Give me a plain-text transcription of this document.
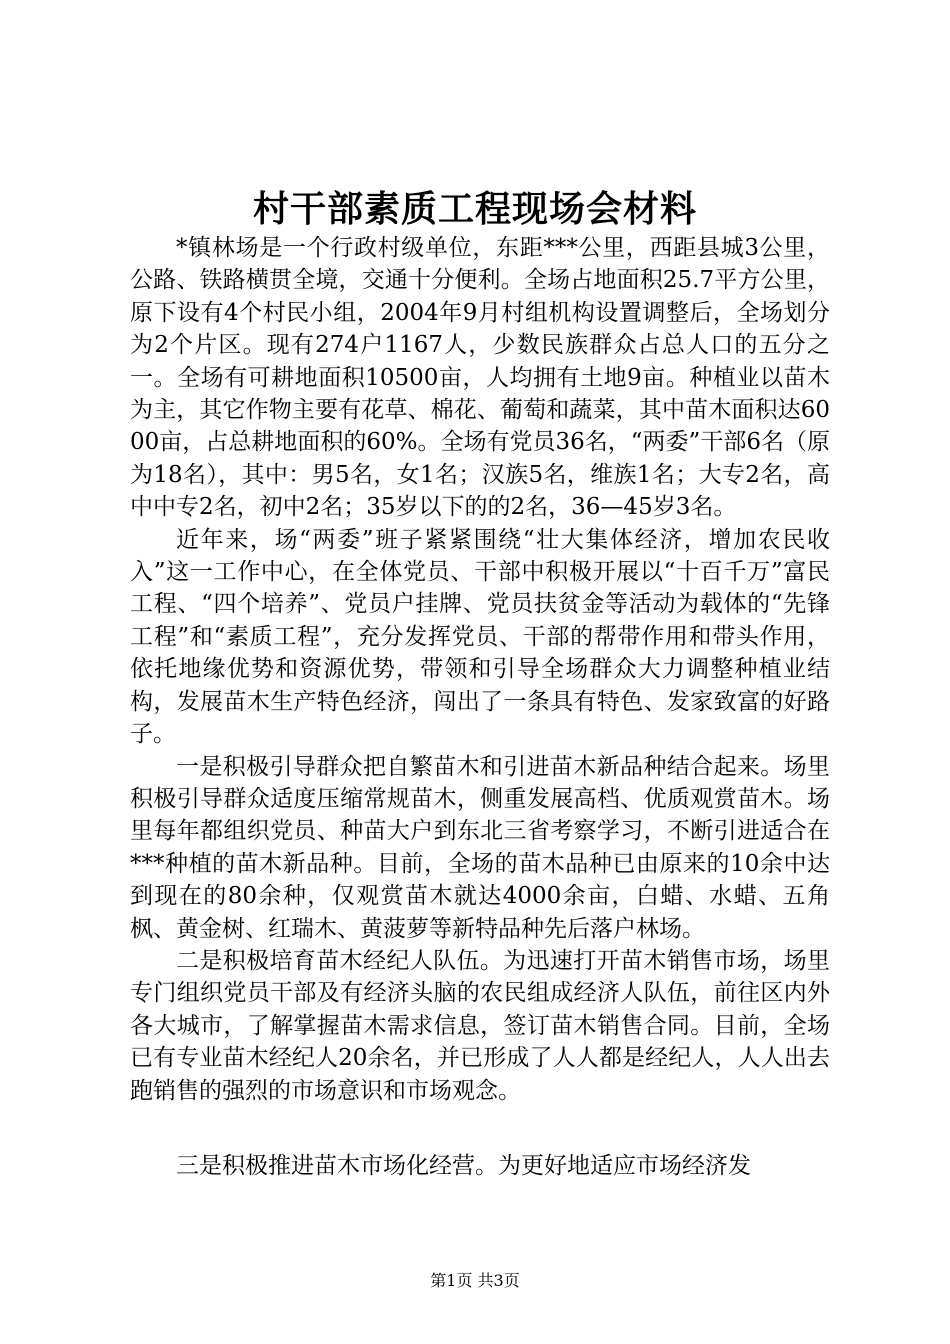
村干部素质工程现场会材料

*镇林场是一个行政村级单位，东距***公里，西距县城3公里，公路、铁路横贯全境，交通十分便利。全场占地面积25.7平方公里，原下设有4个村民小组，2004年9月村组机构设置调整后，全场划分为2个片区。现有274户1167人，少数民族群众占总人口的五分之一。全场有可耕地面积10500亩，人均拥有土地9亩。种植业以苗木为主，其它作物主要有花草、棉花、葡萄和蔬菜，其中苗木面积达6000亩，占总耕地面积的60%。全场有党员36名，“两委”干部6名（原为18名），其中：男5名，女1名；汉族5名，维族1名；大专2名，高中中专2名，初中2名；35岁以下的的2名，36—45岁3名。

近年来，场“两委”班子紧紧围绕“壮大集体经济，增加农民收入”这一工作中心，在全体党员、干部中积极开展以“十百千万”富民工程、“四个培养”、党员户挂牌、党员扶贫金等活动为载体的“先锋工程”和“素质工程”，充分发挥党员、干部的帮带作用和带头作用，依托地缘优势和资源优势，带领和引导全场群众大力调整种植业结构，发展苗木生产特色经济，闯出了一条具有特色、发家致富的好路子。

一是积极引导群众把自繁苗木和引进苗木新品种结合起来。场里积极引导群众适度压缩常规苗木，侧重发展高档、优质观赏苗木。场里每年都组织党员、种苗大户到东北三省考察学习，不断引进适合在***种植的苗木新品种。目前，全场的苗木品种已由原来的10余中达到现在的80余种，仅观赏苗木就达4000余亩，白蜡、水蜡、五角枫、黄金树、红瑞木、黄菠萝等新特品种先后落户林场。

二是积极培育苗木经纪人队伍。为迅速打开苗木销售市场，场里专门组织党员干部及有经济头脑的农民组成经济人队伍，前往区内外各大城市，了解掌握苗木需求信息，签订苗木销售合同。目前，全场已有专业苗木经纪人20余名，并已形成了人人都是经纪人，人人出去跑销售的强烈的市场意识和市场观念。

三是积极推进苗木市场化经营。为更好地适应市场经济发

第1页 共3页
